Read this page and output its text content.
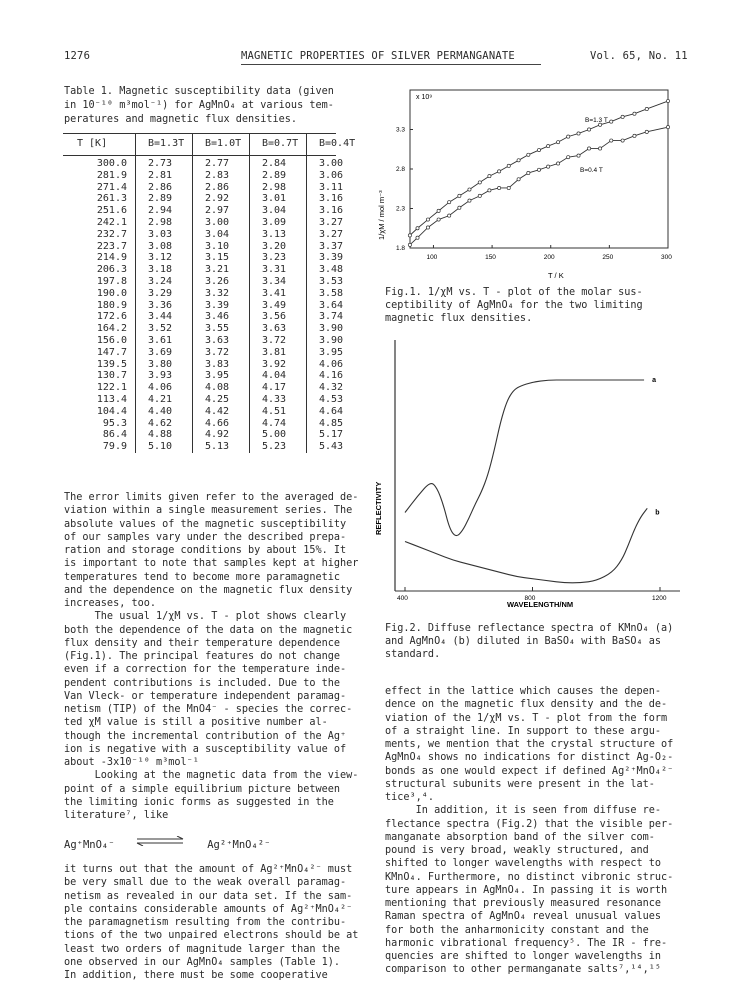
1276	MAGNETIC PROPERTIES OF SILVER PERMANGANATE	Vol. 65, No. 11
Table 1. Magnetic susceptibility data (given
in 10⁻¹⁰ m³mol⁻¹) for AgMnO₄ at various tem-
peratures and magnetic flux densities.
T [K]	B=1.3T	B=1.0T	B=0.7T	B=0.4T
300.0	2.73	2.77	2.84	3.00
281.9	2.81	2.83	2.89	3.06
271.4	2.86	2.86	2.98	3.11
261.3	2.89	2.92	3.01	3.16
251.6	2.94	2.97	3.04	3.16
242.1	2.98	3.00	3.09	3.27
232.7	3.03	3.04	3.13	3.27
223.7	3.08	3.10	3.20	3.37
214.9	3.12	3.15	3.23	3.39
206.3	3.18	3.21	3.31	3.48
197.8	3.24	3.26	3.34	3.53
190.0	3.29	3.32	3.41	3.58
180.9	3.36	3.39	3.49	3.64
172.6	3.44	3.46	3.56	3.74
164.2	3.52	3.55	3.63	3.90
156.0	3.61	3.63	3.72	3.90
147.7	3.69	3.72	3.81	3.95
139.5	3.80	3.83	3.92	4.06
130.7	3.93	3.95	4.04	4.16
122.1	4.06	4.08	4.17	4.32
113.4	4.21	4.25	4.33	4.53
104.4	4.40	4.42	4.51	4.64
95.3	4.62	4.66	4.74	4.85
86.4	4.88	4.92	5.00	5.17
79.9	5.10	5.13	5.23	5.43
The error limits given refer to the averaged de-
viation within a single measurement series. The
absolute values of the magnetic susceptibility
of our samples vary under the described prepa-
ration and storage conditions by about 15%. It
is important to note that samples kept at higher
temperatures tend to become more paramagnetic
and the dependence on the magnetic flux density
increases, too.
The usual 1/χM vs. T - plot shows clearly
both the dependence of the data on the magnetic
flux density and their temperature dependence
(Fig.1). The principal features do not change
even if a correction for the temperature inde-
pendent contributions is included. Due to the
Van Vleck- or temperature independent paramag-
netism (TIP) of the MnO4⁻ - species the correc-
ted χM value is still a positive number al-
though the incremental contribution of the Ag⁺
ion is negative with a susceptibility value of
about -3x10⁻¹⁰ m³mol⁻¹
Looking at the magnetic data from the view-
point of a simple equilibrium picture between
the limiting ionic forms as suggested in the
literature⁷, like
Ag⁺MnO₄⁻	Ag²⁺MnO₄²⁻
it turns out that the amount of Ag²⁺MnO₄²⁻ must
be very small due to the weak overall paramag-
netism as revealed in our data set. If the sam-
ple contains considerable amounts of Ag²⁺MnO₄²⁻
the paramagnetism resulting from the contribu-
tions of the two unpaired electrons should be at
least two orders of magnitude larger than the
one observed in our AgMnO₄ samples (Table 1).
In addition, there must be some cooperative
x 10⁹
T / K
1/χM / mol m⁻³
100	150	200	250	300
1.8
2.3
2.8
3.3
B=1.3 T
B=0.4 T
Fig.1. 1/χM vs. T - plot of the molar sus-
ceptibility of AgMnO₄ for the two limiting
magnetic flux densities.
REFLECTIVITY
WAVELENGTH/NM
400	800	1200
a
b
Fig.2. Diffuse reflectance spectra of KMnO₄ (a)
and AgMnO₄ (b) diluted in BaSO₄ with BaSO₄ as
standard.
effect in the lattice which causes the depen-
dence on the magnetic flux density and the de-
viation of the 1/χM vs. T - plot from the form
of a straight line. In support to these argu-
ments, we mention that the crystal structure of
AgMnO₄ shows no indications for distinct Ag-O₂-
bonds as one would expect if defined Ag²⁺MnO₄²⁻
structural subunits were present in the lat-
tice³,⁴.
In addition, it is seen from diffuse re-
flectance spectra (Fig.2) that the visible per-
manganate absorption band of the silver com-
pound is very broad, weakly structured, and
shifted to longer wavelengths with respect to
KMnO₄. Furthermore, no distinct vibronic struc-
ture appears in AgMnO₄. In passing it is worth
mentioning that previously measured resonance
Raman spectra of AgMnO₄ reveal unusual values
for both the anharmonicity constant and the
harmonic vibrational frequency⁵. The IR - fre-
quencies are shifted to longer wavelengths in
comparison to other permanganate salts⁷,¹⁴,¹⁵
